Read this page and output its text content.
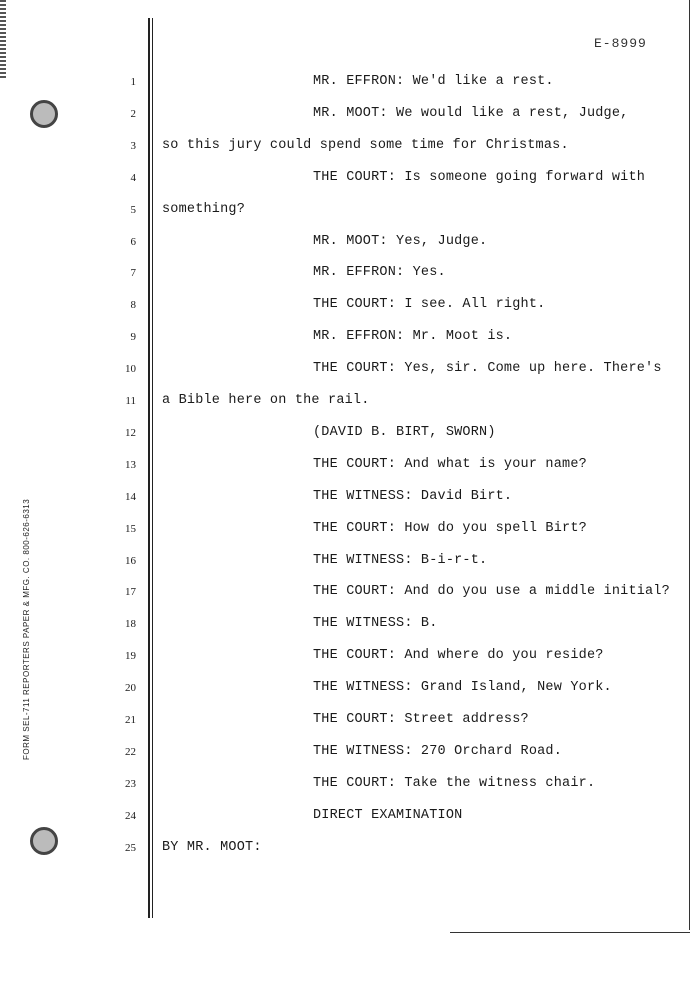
FORM SEL-711 REPORTERS PAPER & MFG. CO. 800-626-6313
E-8999
1	MR. EFFRON: We'd like a rest.
2	MR. MOOT: We would like a rest, Judge,
3 so this jury could spend some time for Christmas.
4	THE COURT: Is someone going forward with
5 something?
6	MR. MOOT: Yes, Judge.
7	MR. EFFRON: Yes.
8	THE COURT: I see. All right.
9	MR. EFFRON: Mr. Moot is.
10	THE COURT: Yes, sir. Come up here. There's
11 a Bible here on the rail.
12	(DAVID B. BIRT, SWORN)
13	THE COURT: And what is your name?
14	THE WITNESS: David Birt.
15	THE COURT: How do you spell Birt?
16	THE WITNESS: B-i-r-t.
17	THE COURT: And do you use a middle initial?
18	THE WITNESS: B.
19	THE COURT: And where do you reside?
20	THE WITNESS: Grand Island, New York.
21	THE COURT: Street address?
22	THE WITNESS: 270 Orchard Road.
23	THE COURT: Take the witness chair.
24	DIRECT EXAMINATION
25 BY MR. MOOT:
